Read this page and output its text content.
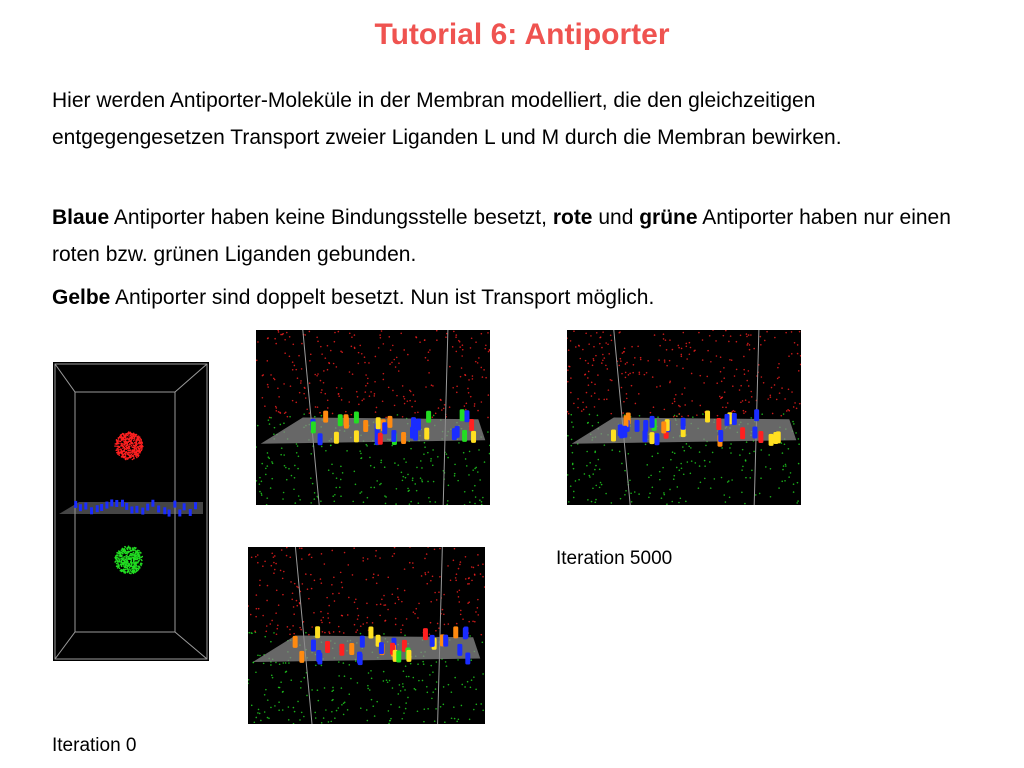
Tutorial 6: Antiporter
Hier werden Antiporter-Moleküle in der Membran modelliert, die den gleichzeitigen entgegengesetzen Transport zweier Liganden L und M durch die Membran bewirken.
Blaue Antiporter haben keine Bindungsstelle besetzt, rote und grüne Antiporter haben nur einen roten bzw. grünen Liganden gebunden.
Gelbe Antiporter sind doppelt besetzt. Nun ist Transport möglich.
Iteration 5000
Iteration 0
